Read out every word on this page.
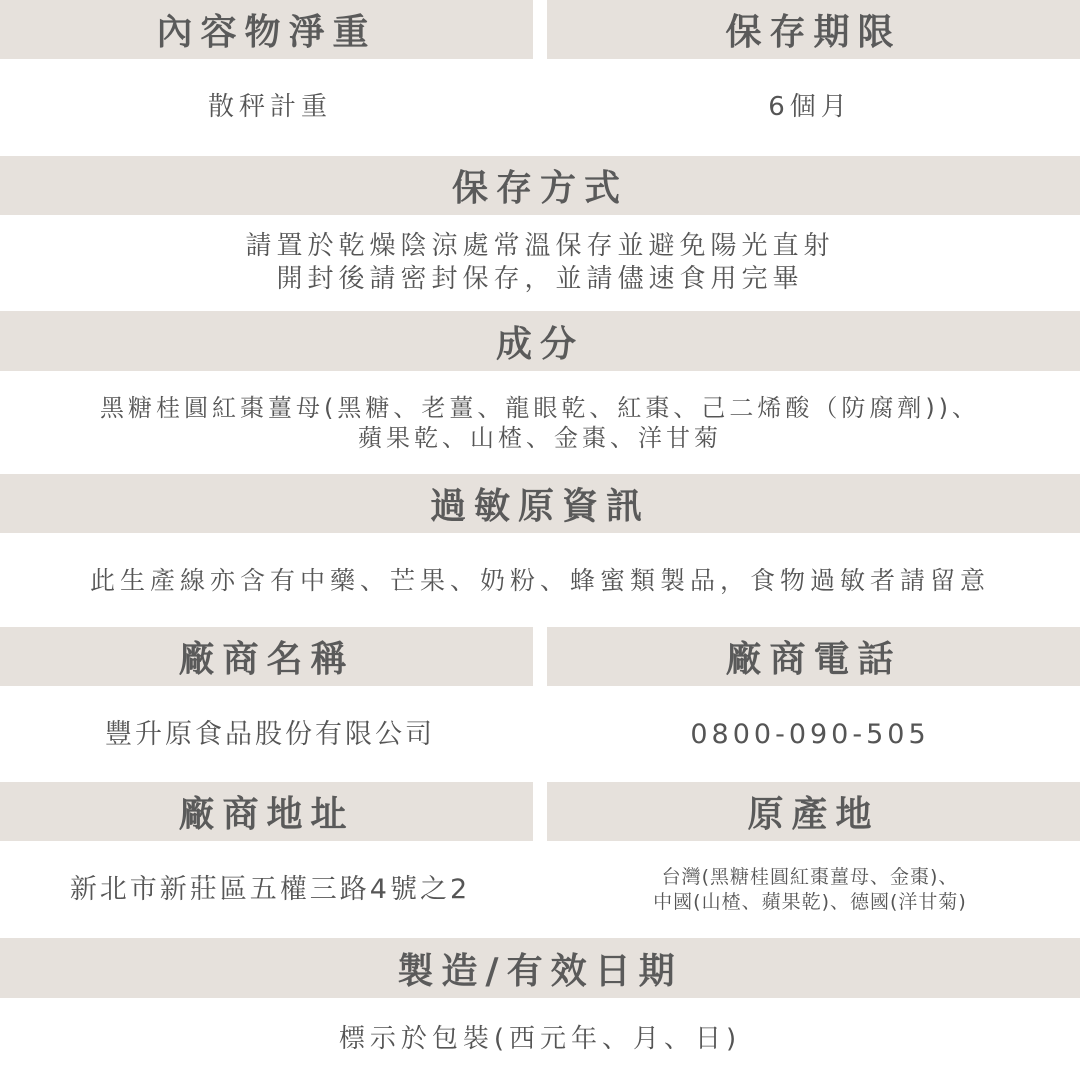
內容物淨重	保存期限
散秤計重	6個月
保存方式
請置於乾燥陰涼處常溫保存並避免陽光直射
開封後請密封保存，並請儘速食用完畢
成分
黑糖桂圓紅棗薑母(黑糖、老薑、龍眼乾、紅棗、己二烯酸（防腐劑))、
蘋果乾、山楂、金棗、洋甘菊
過敏原資訊
此生產線亦含有中藥、芒果、奶粉、蜂蜜類製品，食物過敏者請留意
廠商名稱	廠商電話
豐升原食品股份有限公司	0800-090-505
廠商地址	原產地
新北市新莊區五權三路4號之2	台灣(黑糖桂圓紅棗薑母、金棗)、
中國(山楂、蘋果乾)、德國(洋甘菊)
製造/有效日期
標示於包裝(西元年、月、日)
